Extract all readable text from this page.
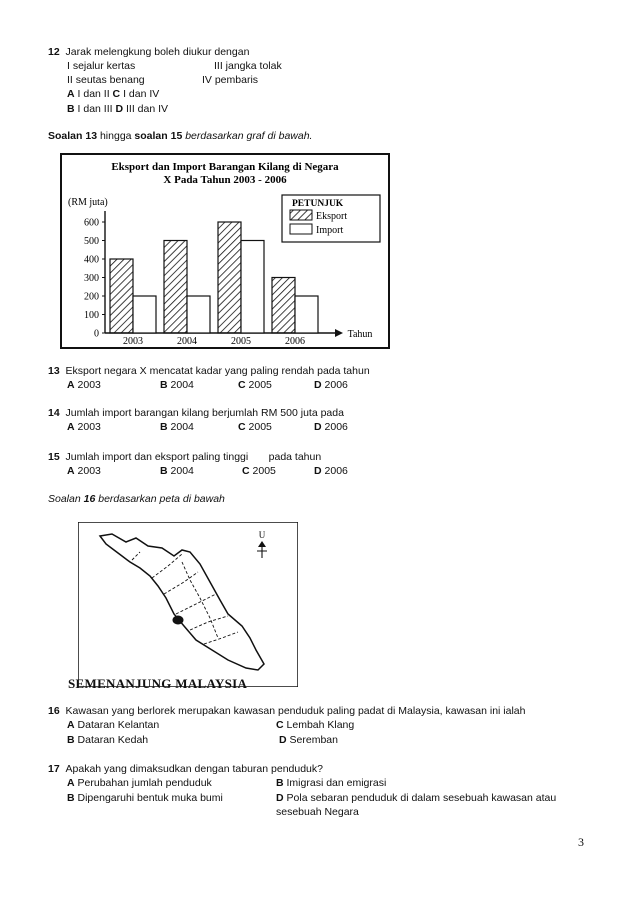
12 Jarak melengkung boleh diukur dengan
I sejalur kertas	III jangka tolak
II seutas benang	IV pembaris
A I dan II C I dan IV
B I dan III D III dan IV
Soalan 13 hingga soalan 15 berdasarkan graf di bawah.
Eksport dan Import Barangan Kilang di Negara
X Pada Tahun 2003 - 2006
(RM juta)
Tahun
0
100
200
300
400
500
600
2003	2004	2005	2006
PETUNJUK
Eksport
Import
13 Eksport negara X mencatat kadar yang paling rendah pada tahun
A 2003	B 2004	C 2005	D 2006
14 Jumlah import barangan kilang berjumlah RM 500 juta pada
A 2003	B 2004	C 2005	D 2006
15 Jumlah import dan eksport paling tinggi       pada tahun
A 2003	B 2004	C 2005	D 2006
Soalan 16 berdasarkan peta di bawah
U
SEMENANJUNG MALAYSIA
16 Kawasan yang berlorek merupakan kawasan penduduk paling padat di Malaysia, kawasan ini ialah
A Dataran Kelantan	C Lembah Klang
B Dataran Kedah	D Seremban
17 Apakah yang dimaksudkan dengan taburan penduduk?
A Perubahan jumlah penduduk	B Imigrasi dan emigrasi
B Dipengaruhi bentuk muka bumi	D Pola sebaran penduduk di dalam sesebuah kawasan atau
sesebuah Negara
3
